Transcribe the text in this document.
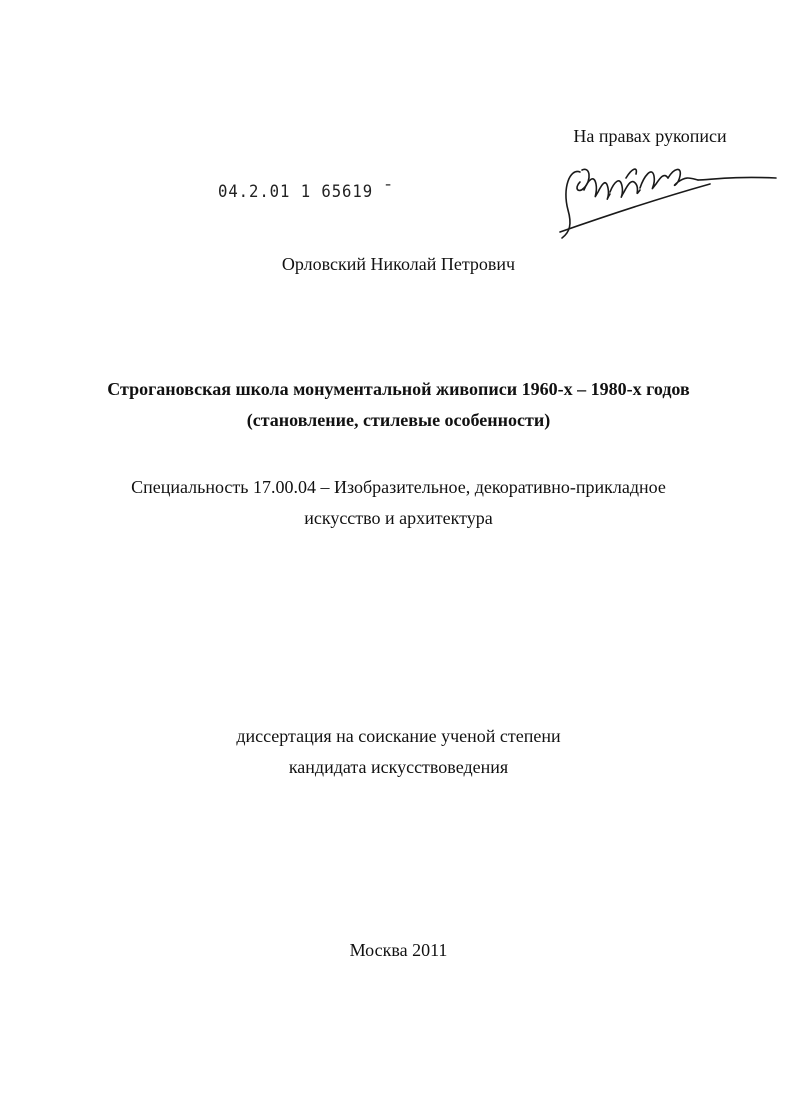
На правах рукописи
04.2.01 1 65619 ˉ
Орловский Николай Петрович
Строгановская школа монументальной живописи 1960-х – 1980-х годов
(становление, стилевые особенности)
Специальность 17.00.04 – Изобразительное, декоративно-прикладное
искусство и архитектура
диссертация на соискание ученой степени
кандидата искусствоведения
Москва 2011
